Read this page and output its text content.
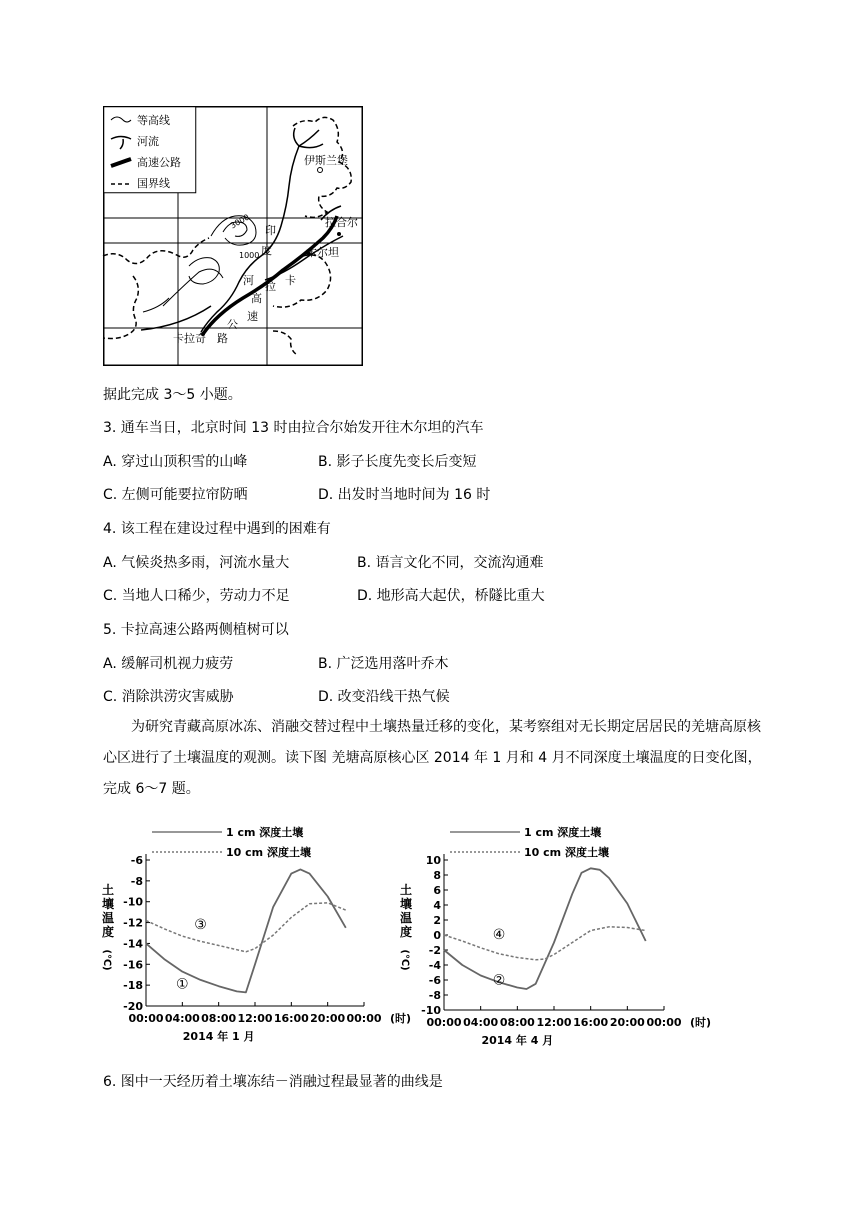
等高线
河流
高速公路
国界线
伊斯兰堡
拉合尔
木尔坦
卡拉奇
印
度
河	卡
拉
高
速
公
路
3000
1000
据此完成 3～5 小题。
3. 通车当日，北京时间 13 时由拉合尔始发开往木尔坦的汽车
A. 穿过山顶积雪的山峰	B. 影子长度先变长后变短
C. 左侧可能要拉帘防晒	D. 出发时当地时间为 16 时
4. 该工程在建设过程中遇到的困难有
A. 气候炎热多雨，河流水量大	B. 语言文化不同，交流沟通难
C. 当地人口稀少，劳动力不足	D. 地形高大起伏，桥隧比重大
5. 卡拉高速公路两侧植树可以
A. 缓解司机视力疲劳	B. 广泛选用落叶乔木
C. 消除洪涝灾害威胁	D. 改变沿线干热气候
为研究青藏高原冰冻、消融交替过程中土壤热量迁移的变化，某考察组对无长期定居居民的羌塘高原核心区进行了土壤温度的观测。读下图 羌塘高原核心区 2014 年 1 月和 4 月不同深度土壤温度的日变化图， 完成 6～7 题。
1 cm 深度土壤
10 cm 深度土壤
-6
-8
-10
-12
-14
-16
-18
-20
00:00 04:00 08:00 12:00 16:00 20:00 00:00 (时)
土
壤
温
度
(℃)
①
③
2014 年 1 月
1 cm 深度土壤
10 cm 深度土壤
10
8
6
4
2
0
-2
-4
-6
-8
-10
00:00 04:00 08:00 12:00 16:00 20:00 00:00 (时)
土
壤
温
度
(℃)
②
④
2014 年 4 月
6. 图中一天经历着土壤冻结－消融过程最显著的曲线是
